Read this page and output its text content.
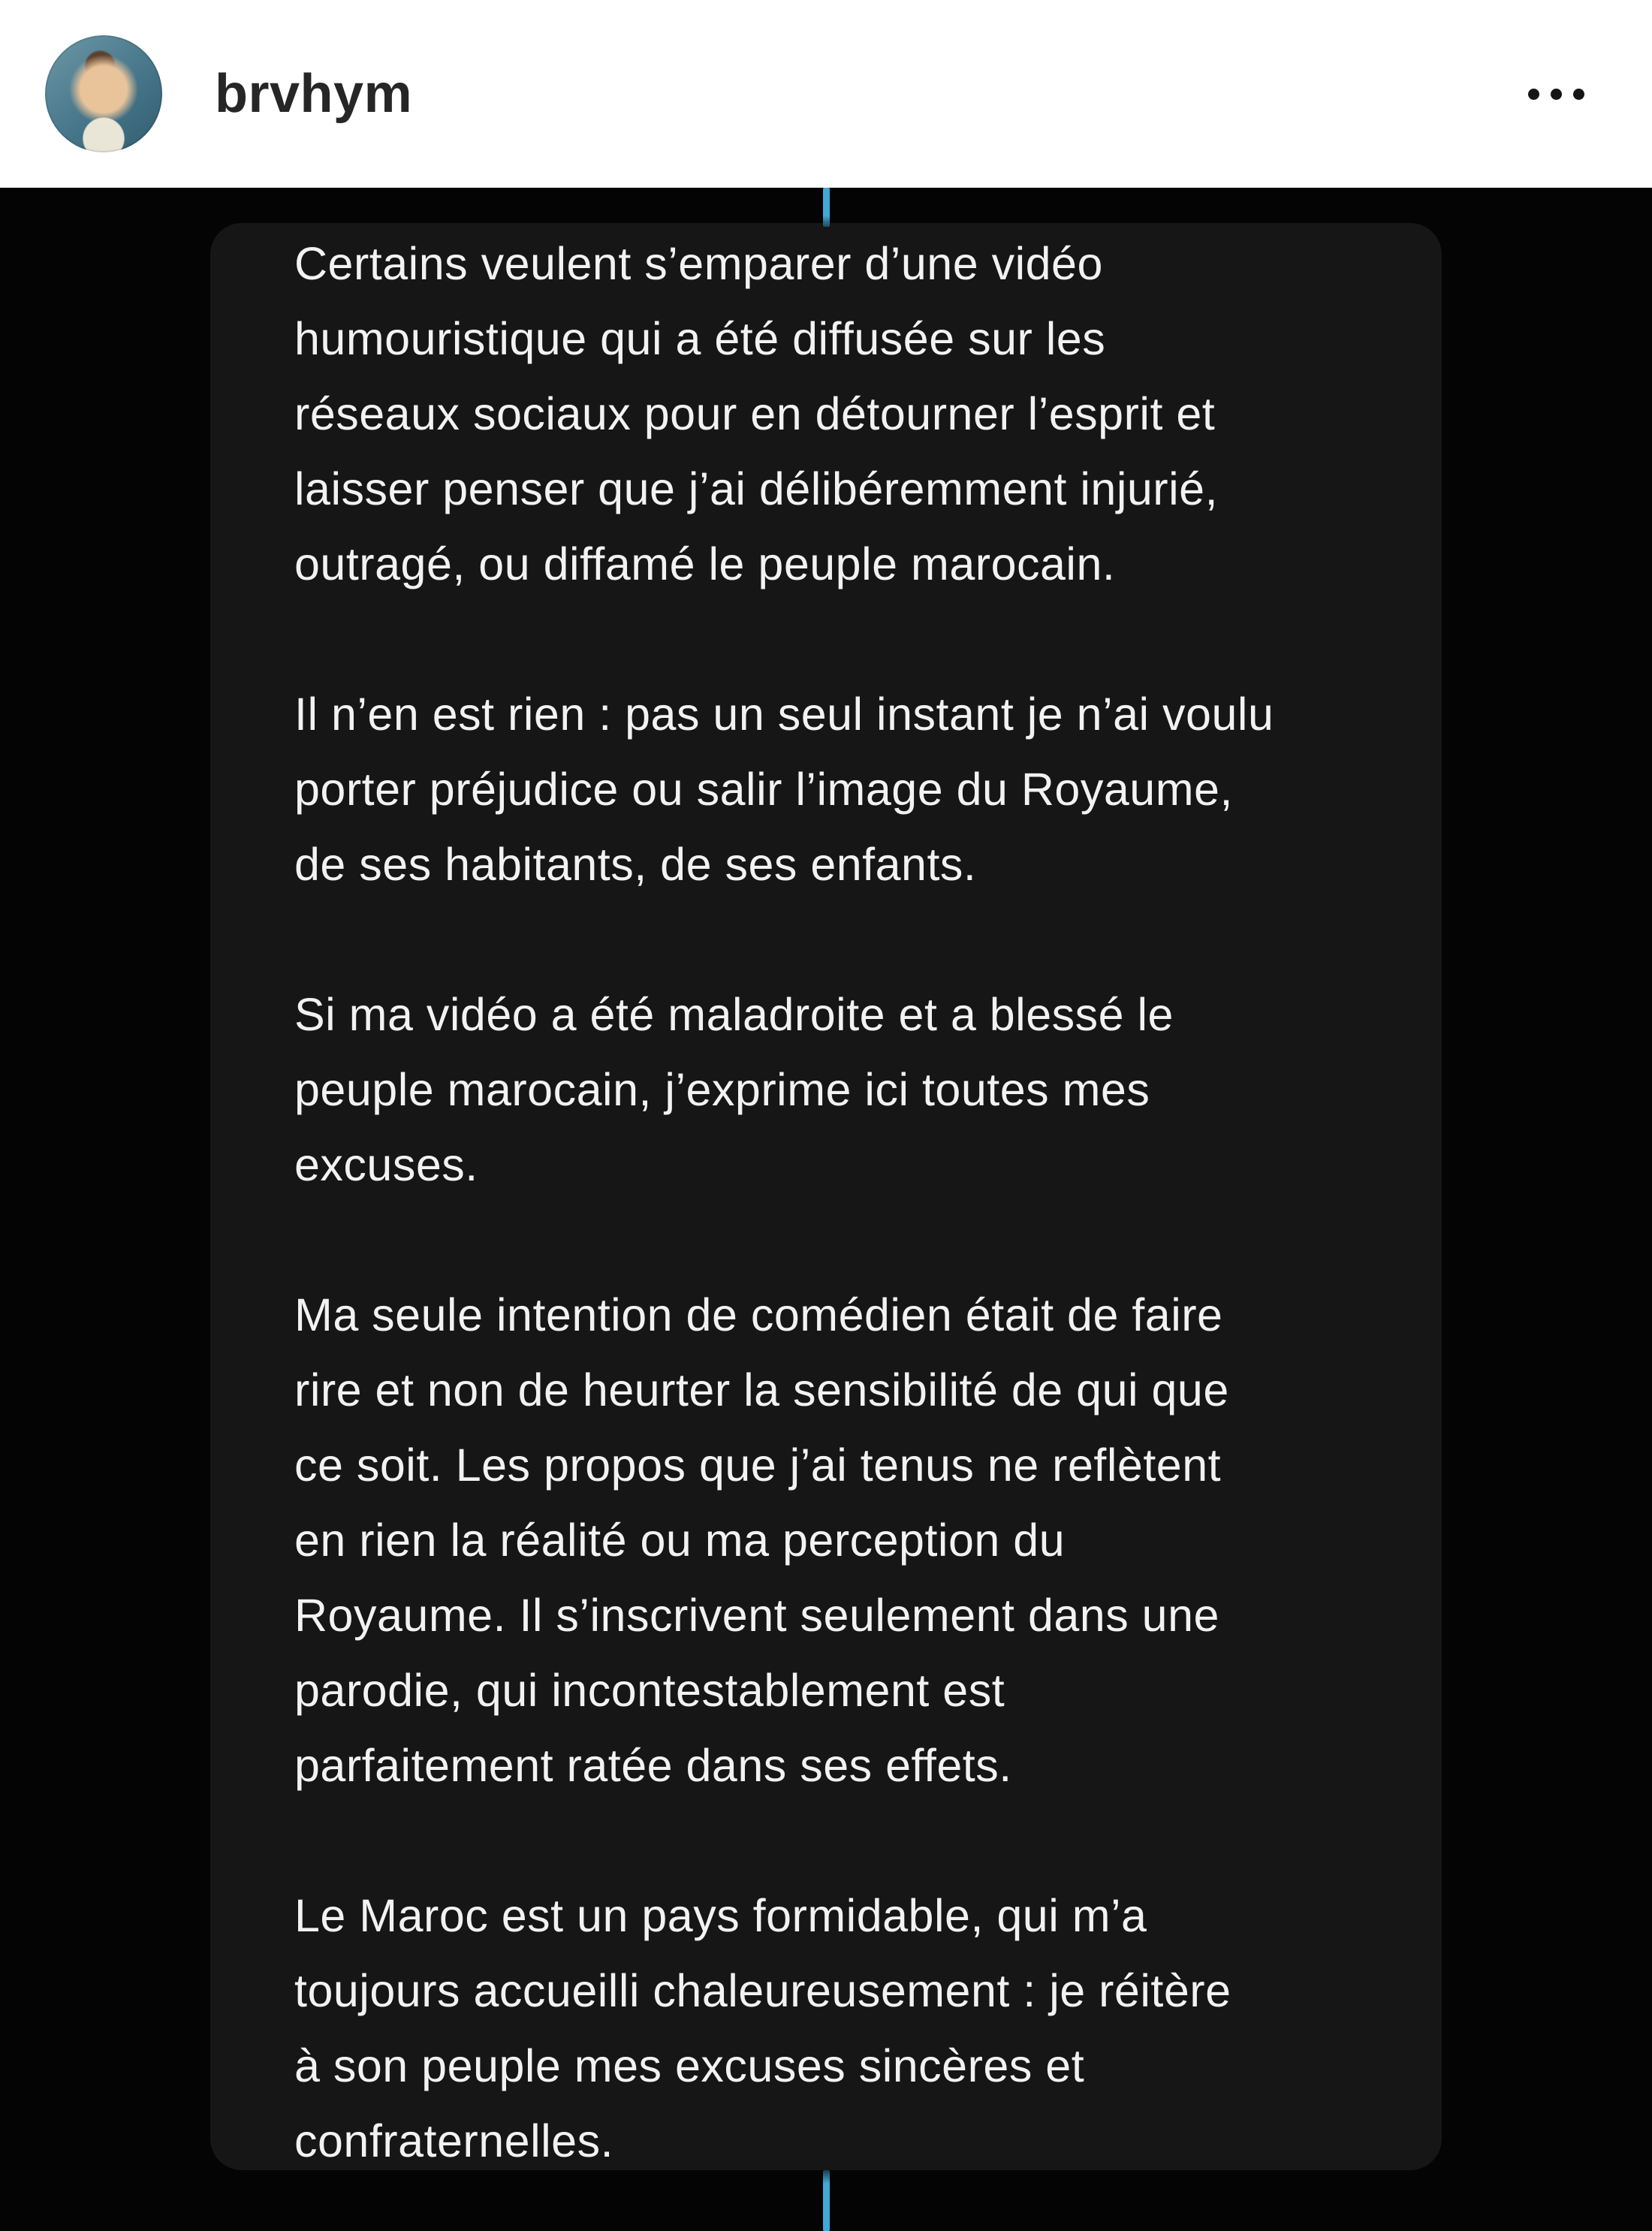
brvhym
Certains veulent s’emparer d’une vidéo
humouristique qui a été diffusée sur les
réseaux sociaux pour en détourner l’esprit et
laisser penser que j’ai délibéremment injurié,
outragé, ou diffamé le peuple marocain.
Il n’en est rien : pas un seul instant je n’ai voulu
porter préjudice ou salir l’image du Royaume,
de ses habitants, de ses enfants.
Si ma vidéo a été maladroite et a blessé le
peuple marocain, j’exprime ici toutes mes
excuses.
Ma seule intention de comédien était de faire
rire et non de heurter la sensibilité de qui que
ce soit. Les propos que j’ai tenus ne reflètent
en rien la réalité ou ma perception du
Royaume. Il s’inscrivent seulement dans une
parodie, qui incontestablement est
parfaitement ratée dans ses effets.
Le Maroc est un pays formidable, qui m’a
toujours accueilli chaleureusement : je réitère
à son peuple mes excuses sincères et
confraternelles.
